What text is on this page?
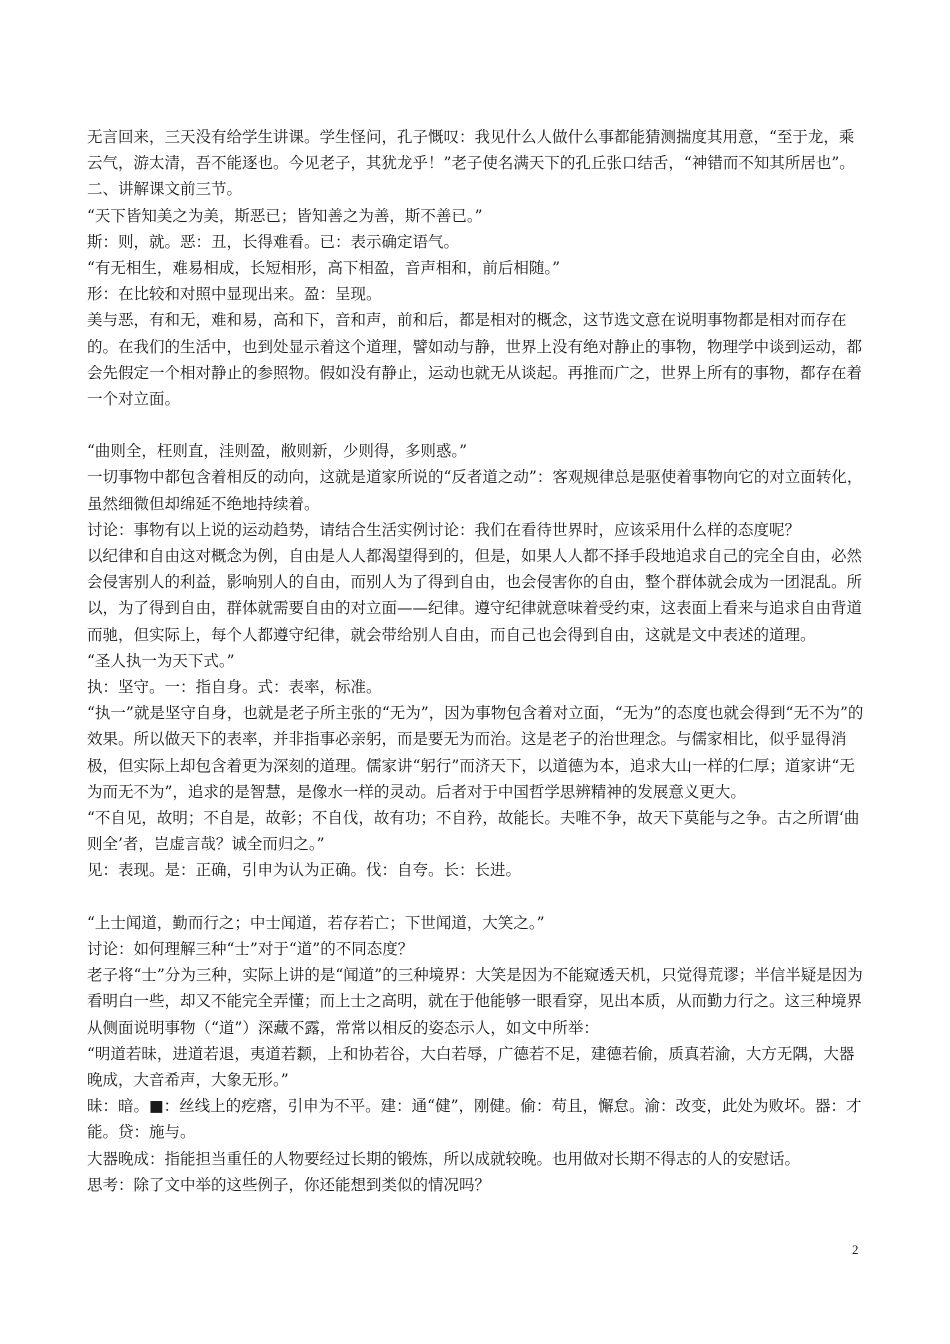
无言回来，三天没有给学生讲课。学生怪问，孔子慨叹：我见什么人做什么事都能猜测揣度其用意，“至于龙，乘云气，游太清，吾不能逐也。今见老子，其犹龙乎！”老子使名满天下的孔丘张口结舌，“神错而不知其所居也”。

二、讲解课文前三节。

“天下皆知美之为美，斯恶已；皆知善之为善，斯不善已。”

斯：则，就。恶：丑，长得难看。已：表示确定语气。

“有无相生，难易相成，长短相形，高下相盈，音声相和，前后相随。”

形：在比较和对照中显现出来。盈：呈现。

美与恶，有和无，难和易，高和下，音和声，前和后，都是相对的概念，这节选文意在说明事物都是相对而存在的。在我们的生活中，也到处显示着这个道理，譬如动与静，世界上没有绝对静止的事物，物理学中谈到运动，都会先假定一个相对静止的参照物。假如没有静止，运动也就无从谈起。再推而广之，世界上所有的事物，都存在着一个对立面。

“曲则全，枉则直，洼则盈，敝则新，少则得，多则惑。”

一切事物中都包含着相反的动向，这就是道家所说的“反者道之动”：客观规律总是驱使着事物向它的对立面转化，虽然细微但却绵延不绝地持续着。

讨论：事物有以上说的运动趋势，请结合生活实例讨论：我们在看待世界时，应该采用什么样的态度呢？

以纪律和自由这对概念为例，自由是人人都渴望得到的，但是，如果人人都不择手段地追求自己的完全自由，必然会侵害别人的利益，影响别人的自由，而别人为了得到自由，也会侵害你的自由，整个群体就会成为一团混乱。所以，为了得到自由，群体就需要自由的对立面——纪律。遵守纪律就意味着受约束，这表面上看来与追求自由背道而驰，但实际上，每个人都遵守纪律，就会带给别人自由，而自己也会得到自由，这就是文中表述的道理。

“圣人执一为天下式。”

执：坚守。一：指自身。式：表率，标准。

“执一”就是坚守自身，也就是老子所主张的“无为”，因为事物包含着对立面，“无为”的态度也就会得到“无不为”的效果。所以做天下的表率，并非指事必亲躬，而是要无为而治。这是老子的治世理念。与儒家相比，似乎显得消极，但实际上却包含着更为深刻的道理。儒家讲“躬行”而济天下，以道德为本，追求大山一样的仁厚；道家讲“无为而无不为”，追求的是智慧，是像水一样的灵动。后者对于中国哲学思辨精神的发展意义更大。

“不自见，故明；不自是，故彰；不自伐，故有功；不自矜，故能长。夫唯不争，故天下莫能与之争。古之所谓‘曲则全’者，岂虚言哉？诚全而归之。”

见：表现。是：正确，引申为认为正确。伐：自夸。长：长进。

“上士闻道，勤而行之；中士闻道，若存若亡；下世闻道，大笑之。”

讨论：如何理解三种“士”对于“道”的不同态度？

老子将“士”分为三种，实际上讲的是“闻道”的三种境界：大笑是因为不能窥透天机，只觉得荒谬；半信半疑是因为看明白一些，却又不能完全弄懂；而上士之高明，就在于他能够一眼看穿，见出本质，从而勤力行之。这三种境界从侧面说明事物（“道”）深藏不露，常常以相反的姿态示人，如文中所举：

“明道若昧，进道若退，夷道若颣，上和协若谷，大白若辱，广德若不足，建德若偷，质真若渝，大方无隅，大器晚成，大音希声，大象无形。”

昧：暗。■：丝线上的疙瘩，引申为不平。建：通“健”，刚健。偷：苟且，懈怠。渝：改变，此处为败坏。器：才能。贷：施与。

大器晚成：指能担当重任的人物要经过长期的锻炼，所以成就较晚。也用做对长期不得志的人的安慰话。

思考：除了文中举的这些例子，你还能想到类似的情况吗？

2
